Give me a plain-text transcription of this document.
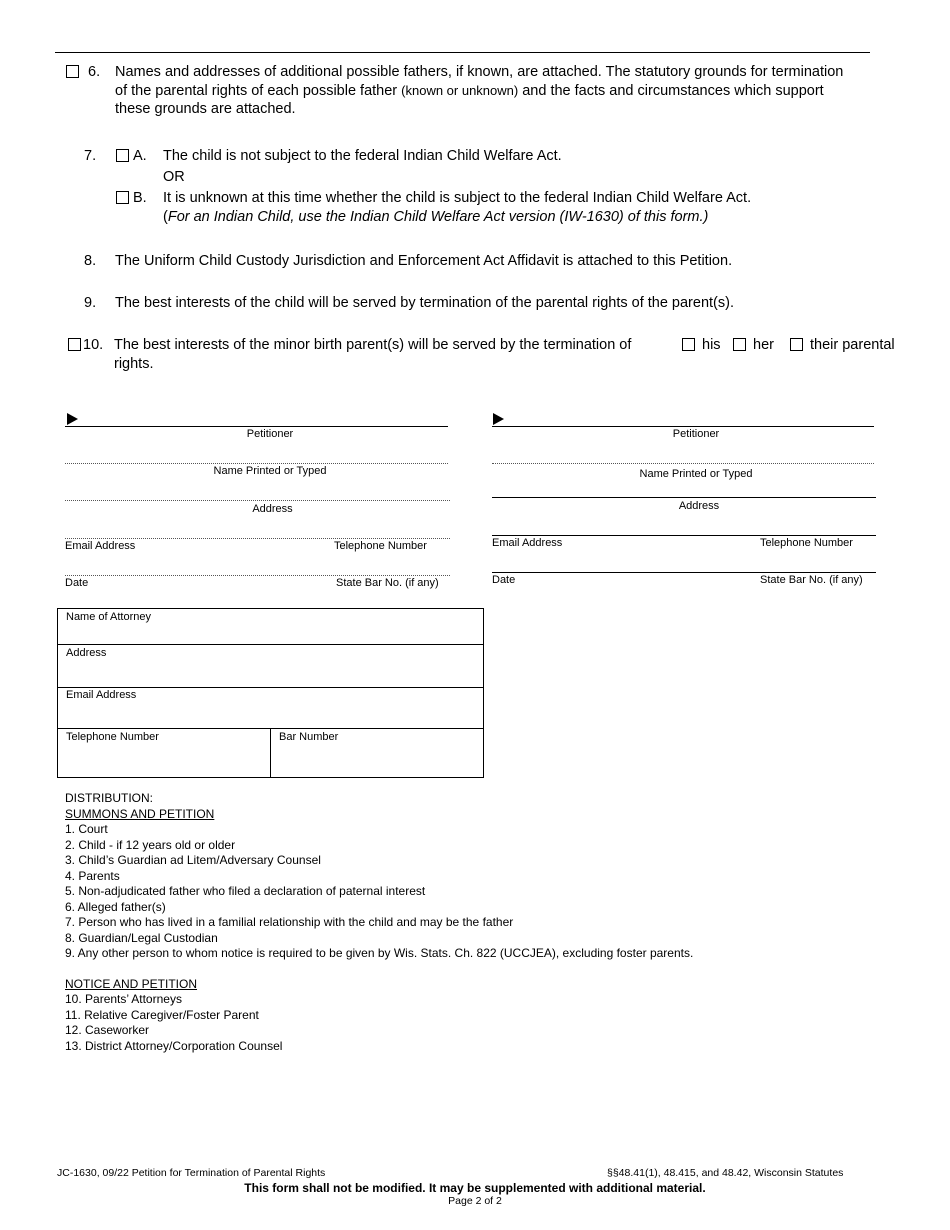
6. Names and addresses of additional possible fathers, if known, are attached. The statutory grounds for termination
of the parental rights of each possible father (known or unknown) and the facts and circumstances which support
these grounds are attached.
7.	A. The child is not subject to the federal Indian Child Welfare Act.
OR
B. It is unknown at this time whether the child is subject to the federal Indian Child Welfare Act.
(For an Indian Child, use the Indian Child Welfare Act version (IW-1630) of this form.)
8. The Uniform Child Custody Jurisdiction and Enforcement Act Affidavit is attached to this Petition.
9. The best interests of the child will be served by termination of the parental rights of the parent(s).
10. The best interests of the minor birth parent(s) will be served by the termination of	his her their parental
rights.
Petitioner
Name Printed or Typed
Address
Email Address	Telephone Number
Date	State Bar No. (if any)
Petitioner
Name Printed or Typed
Address
Email Address	Telephone Number
Date	State Bar No. (if any)
Name of Attorney
Address
Email Address
Telephone Number	Bar Number
DISTRIBUTION:
SUMMONS AND PETITION
1. Court
2. Child - if 12 years old or older
3. Child’s Guardian ad Litem/Adversary Counsel
4. Parents
5. Non-adjudicated father who filed a declaration of paternal interest
6. Alleged father(s)
7. Person who has lived in a familial relationship with the child and may be the father
8. Guardian/Legal Custodian
9. Any other person to whom notice is required to be given by Wis. Stats. Ch. 822 (UCCJEA), excluding foster parents.
NOTICE AND PETITION
10. Parents’ Attorneys
11. Relative Caregiver/Foster Parent
12. Caseworker
13. District Attorney/Corporation Counsel
JC-1630, 09/22 Petition for Termination of Parental Rights	§§48.41(1), 48.415, and 48.42, Wisconsin Statutes
This form shall not be modified. It may be supplemented with additional material.
Page 2 of 2
